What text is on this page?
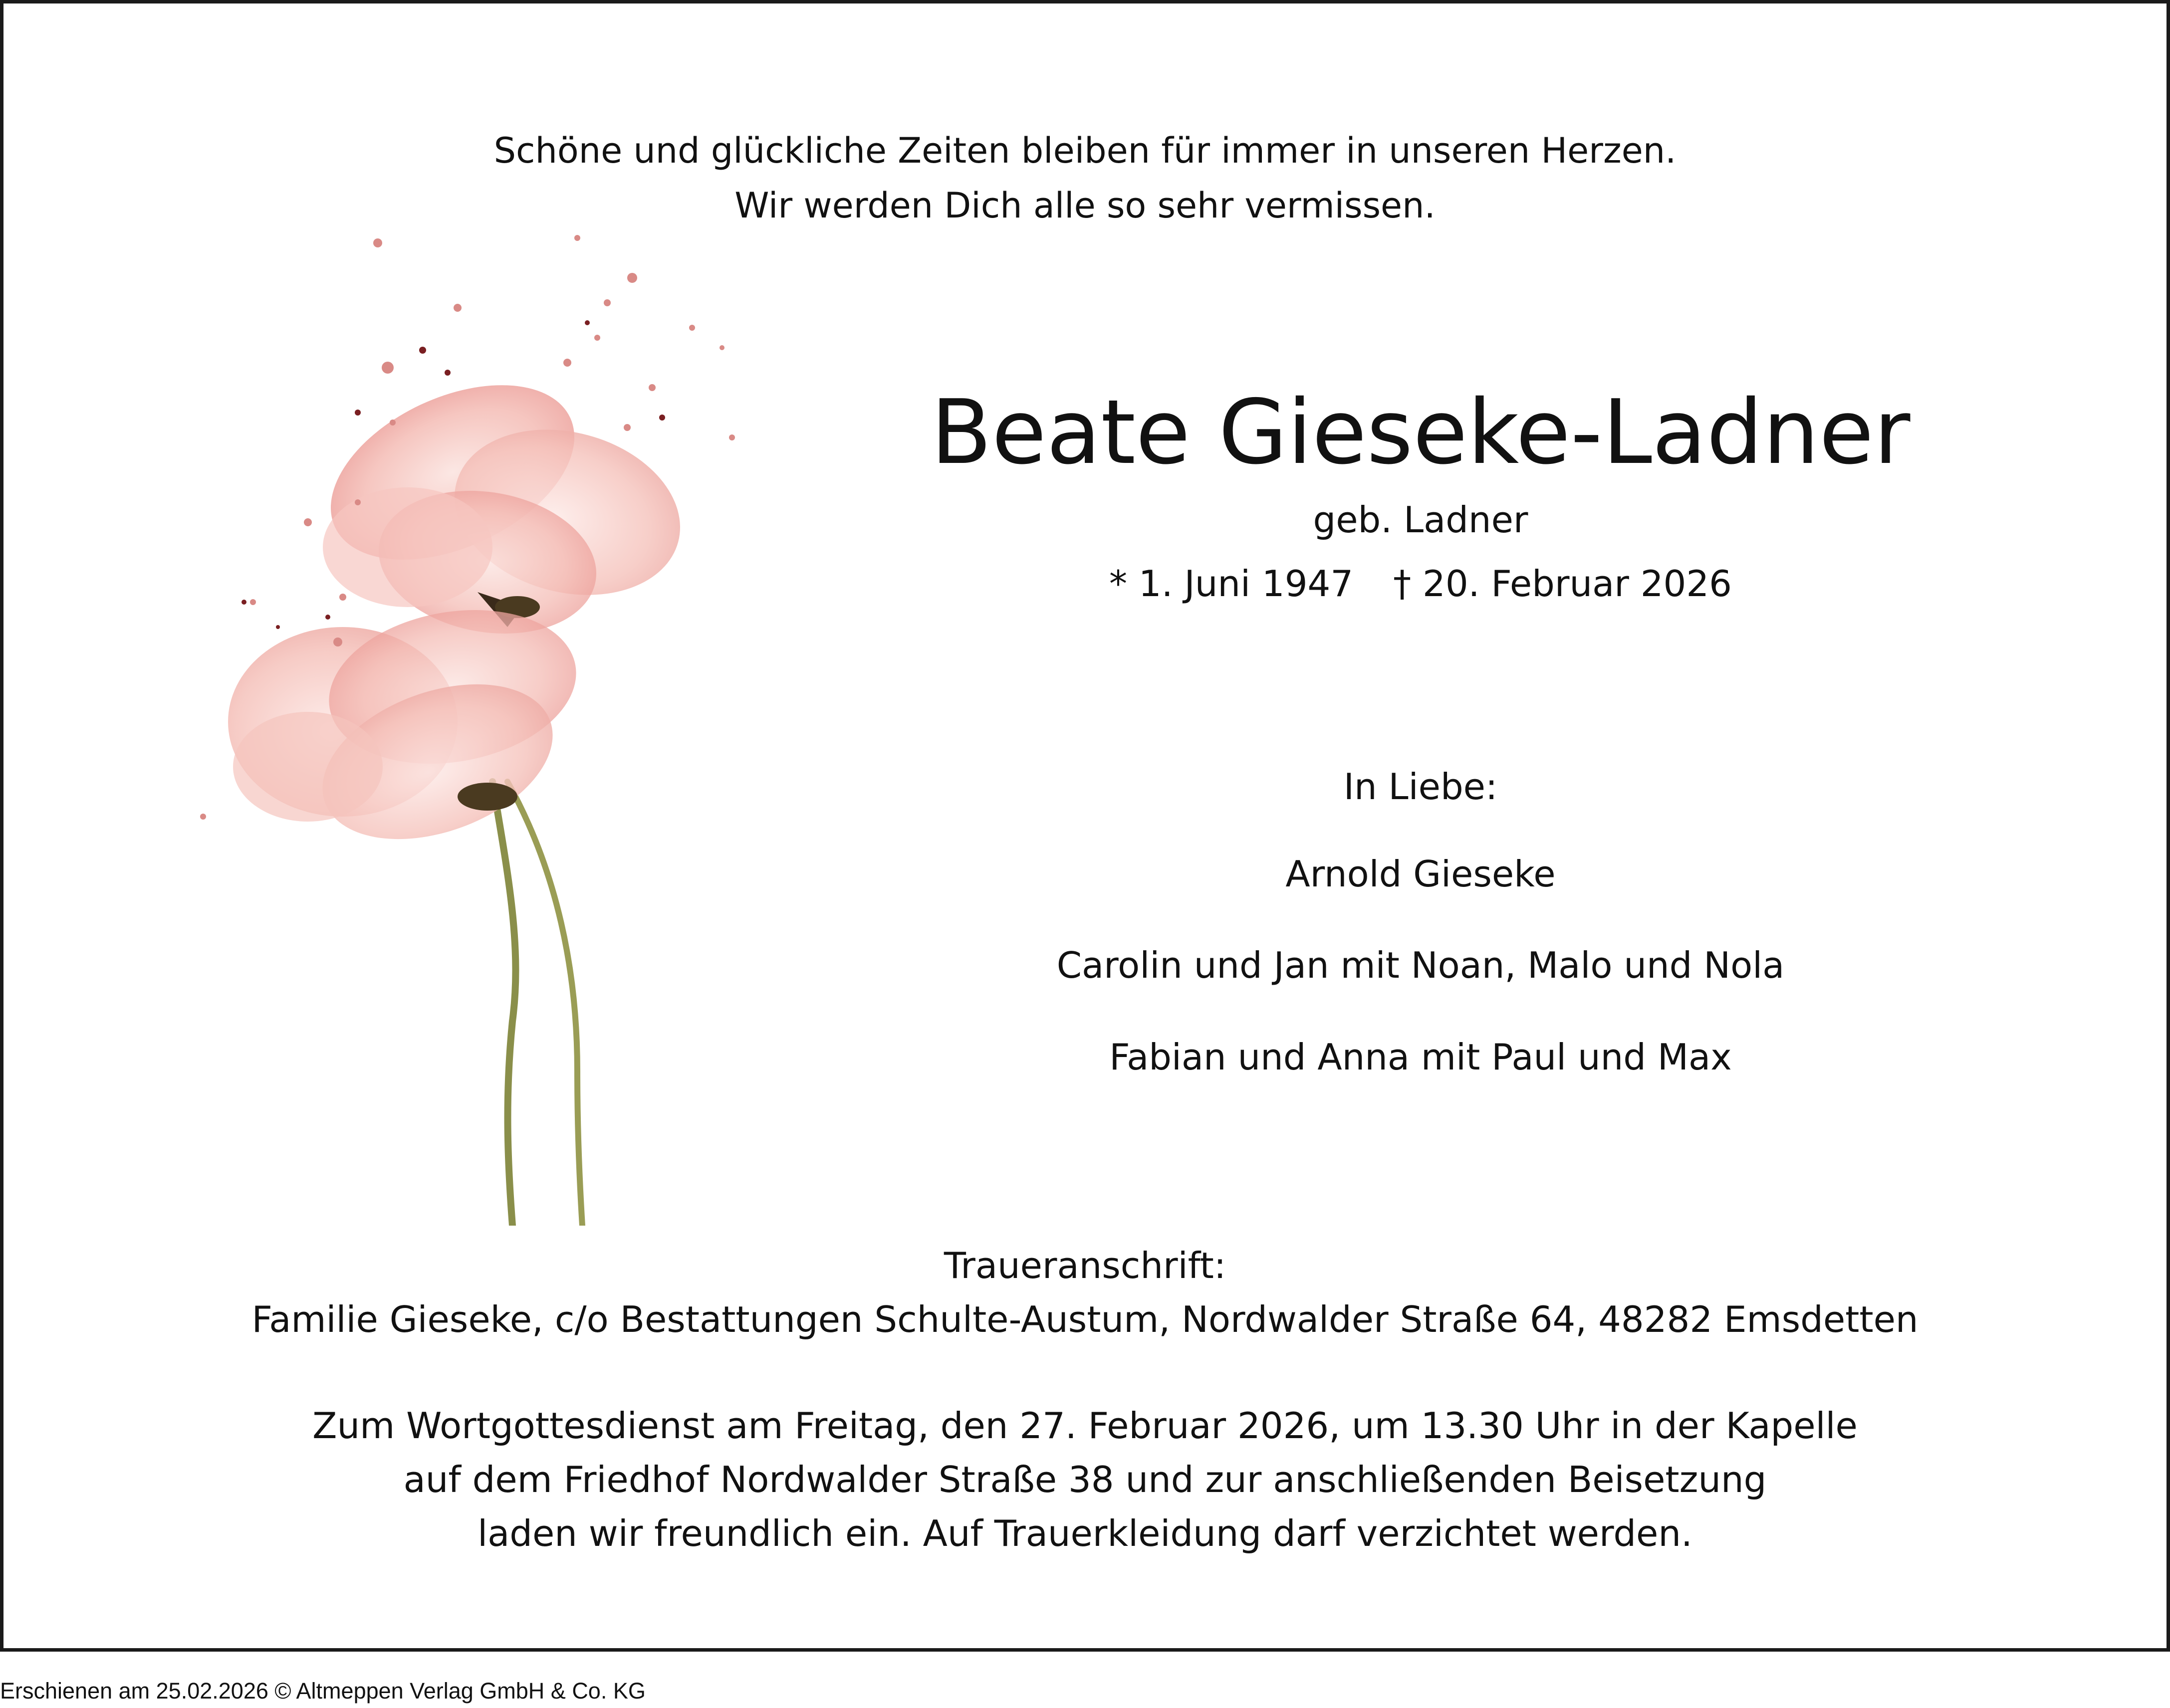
Schöne und glückliche Zeiten bleiben für immer in unseren Herzen.
Wir werden Dich alle so sehr vermissen.
Beate Gieseke-Ladner
geb. Ladner
* 1. Juni 1947 † 20. Februar 2026
In Liebe:
Arnold Gieseke
Carolin und Jan mit Noan, Malo und Nola
Fabian und Anna mit Paul und Max
Traueranschrift:
Familie Gieseke, c/o Bestattungen Schulte-Austum, Nordwalder Straße 64, 48282 Emsdetten
Zum Wortgottesdienst am Freitag, den 27. Februar 2026, um 13.30 Uhr in der Kapelle
auf dem Friedhof Nordwalder Straße 38 und zur anschließenden Beisetzung
laden wir freundlich ein. Auf Trauerkleidung darf verzichtet werden.
Erschienen am 25.02.2026 © Altmeppen Verlag GmbH & Co. KG
